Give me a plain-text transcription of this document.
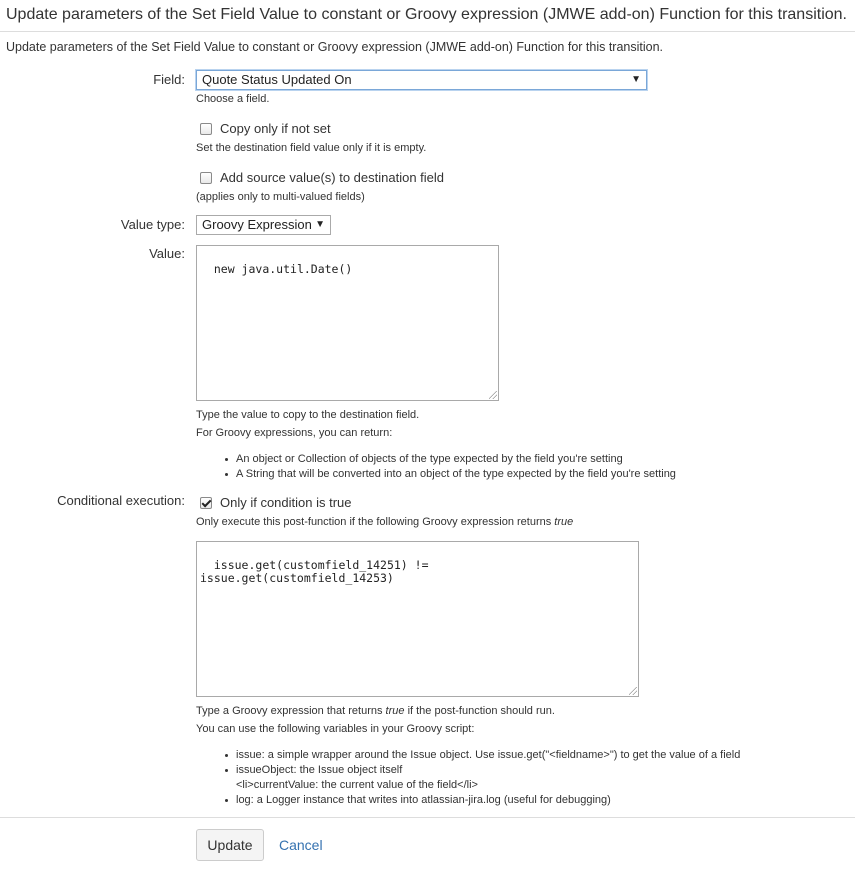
Update parameters of the Set Field Value to constant or Groovy expression (JMWE add-on) Function for this transition.
Update parameters of the Set Field Value to constant or Groovy expression (JMWE add-on) Function for this transition.
Field:	Quote Status Updated On	▼
Choose a field.
Copy only if not set
Set the destination field value only if it is empty.
Add source value(s) to destination field
(applies only to multi-valued fields)
Value type:	Groovy Expression ▼
Value:

new java.util.Date()

Type the value to copy to the destination field.
For Groovy expressions, you can return:
An object or Collection of objects of the type expected by the field you're setting
A String that will be converted into an object of the type expected by the field you're setting
Conditional execution:	Only if condition is true
Only execute this post-function if the following Groovy expression returns true

issue.get(customfield_14251) !=
issue.get(customfield_14253)

Type a Groovy expression that returns true if the post-function should run.
You can use the following variables in your Groovy script:
issue: a simple wrapper around the Issue object. Use issue.get("<fieldname>") to get the value of a field
issueObject: the Issue object itself
<li>currentValue: the current value of the field</li>
log: a Logger instance that writes into atlassian-jira.log (useful for debugging)
Update	Cancel
